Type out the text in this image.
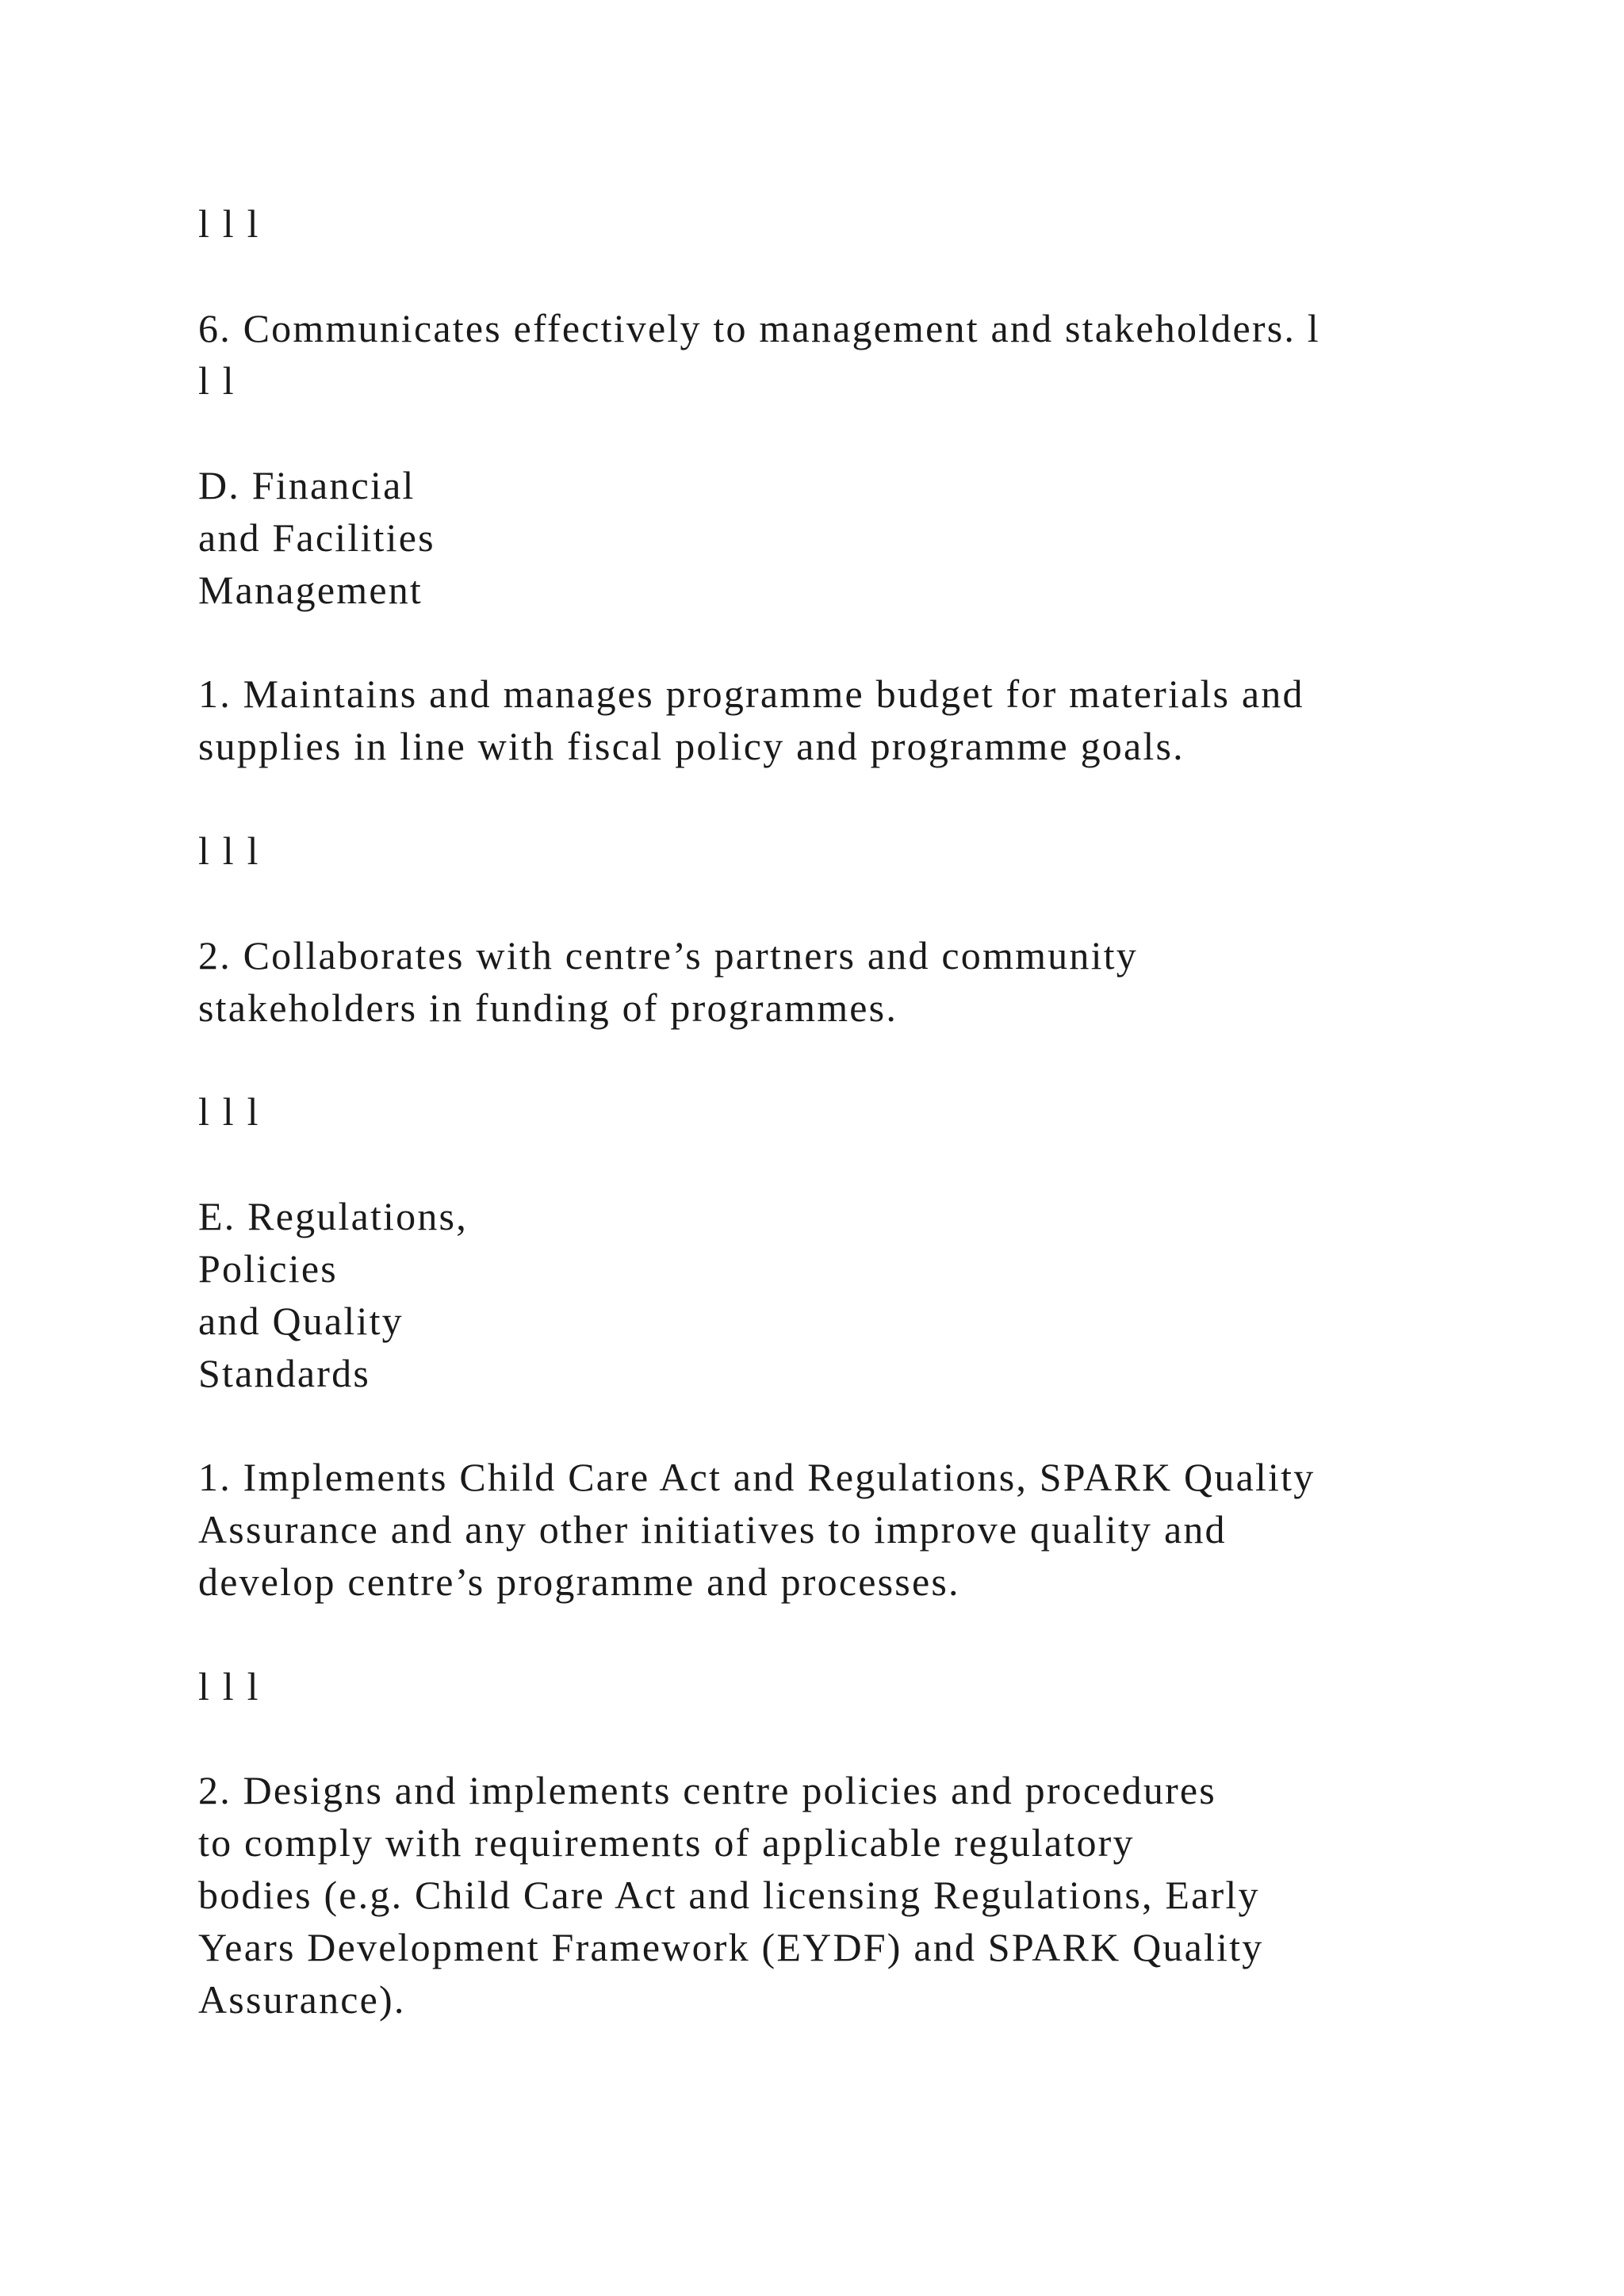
l l l

6. Communicates effectively to management and stakeholders. l

l l

D. Financial

and Facilities

Management

1. Maintains and manages programme budget for materials and

supplies in line with fiscal policy and programme goals.

l l l

2. Collaborates with centre’s partners and community

stakeholders in funding of programmes.

l l l

E. Regulations,

Policies

and Quality

Standards

1. Implements Child Care Act and Regulations, SPARK Quality

Assurance and any other initiatives to improve quality and

develop centre’s programme and processes.

l l l

2. Designs and implements centre policies and procedures

to comply with requirements of applicable regulatory

bodies (e.g. Child Care Act and licensing Regulations, Early

Years Development Framework (EYDF) and SPARK Quality

Assurance).
